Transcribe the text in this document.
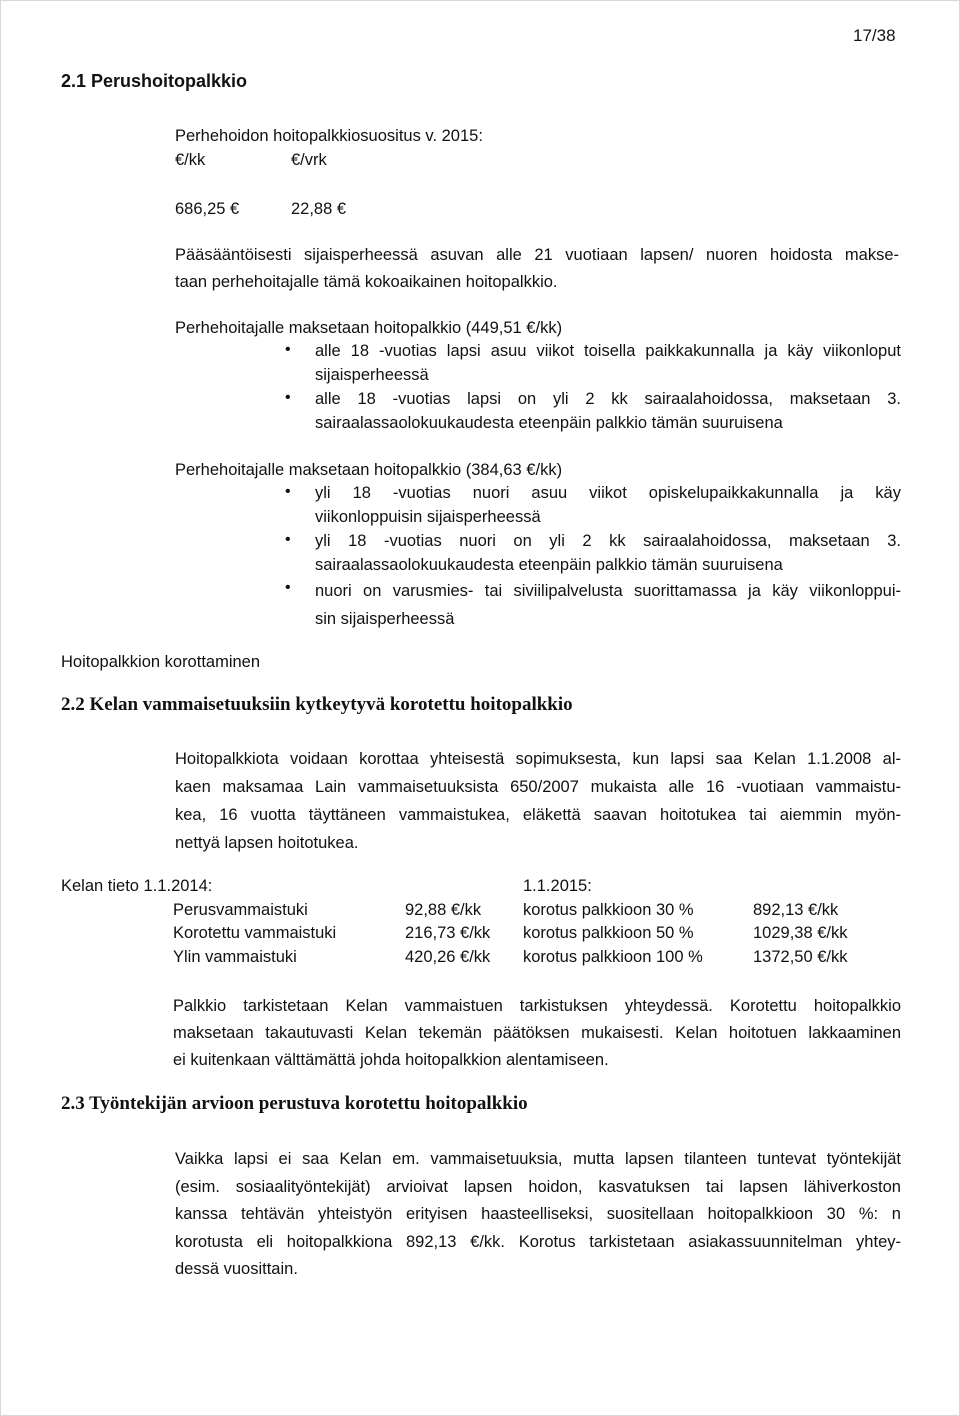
17/38
2.1 Perushoitopalkkio
Perhehoidon hoitopalkkiosuositus v. 2015:
€/kk	€/vrk
686,25 €	22,88 €
Pääsääntöisesti sijaisperheessä asuvan alle 21 vuotiaan lapsen/ nuoren hoidosta makse-
taan perhehoitajalle tämä kokoaikainen hoitopalkkio.
Perhehoitajalle maksetaan hoitopalkkio (449,51 €/kk)
• alle 18 -vuotias lapsi asuu viikot toisella paikkakunnalla ja käy viikonloput
sijaisperheessä
• alle 18 -vuotias lapsi on yli 2 kk sairaalahoidossa, maksetaan 3.
sairaalassaolokuukaudesta eteenpäin palkkio tämän suuruisena
Perhehoitajalle maksetaan hoitopalkkio (384,63 €/kk)
• yli 18 -vuotias nuori asuu viikot opiskelupaikkakunnalla ja käy
viikonloppuisin sijaisperheessä
• yli 18 -vuotias nuori on yli 2 kk sairaalahoidossa, maksetaan 3.
sairaalassaolokuukaudesta eteenpäin palkkio tämän suuruisena
• nuori on varusmies- tai siviilipalvelusta suorittamassa ja käy viikonloppui-
sin sijaisperheessä
Hoitopalkkion korottaminen
2.2 Kelan vammaisetuuksiin kytkeytyvä korotettu hoitopalkkio
Hoitopalkkiota voidaan korottaa yhteisestä sopimuksesta, kun lapsi saa Kelan 1.1.2008 al-
kaen maksamaa Lain vammaisetuuksista 650/2007 mukaista alle 16 -vuotiaan vammaistu-
kea, 16 vuotta täyttäneen vammaistukea, eläkettä saavan hoitotukea tai aiemmin myön-
nettyä lapsen hoitotukea.
Kelan tieto 1.1.2014:	1.1.2015:
Perusvammaistuki	92,88 €/kk	korotus palkkioon 30 %	892,13 €/kk
Korotettu vammaistuki	216,73 €/kk korotus palkkioon 50 %	1029,38 €/kk
Ylin vammaistuki	420,26 €/kk korotus palkkioon 100 %	1372,50 €/kk
Palkkio tarkistetaan Kelan vammaistuen tarkistuksen yhteydessä. Korotettu hoitopalkkio
maksetaan takautuvasti Kelan tekemän päätöksen mukaisesti. Kelan hoitotuen lakkaaminen
ei kuitenkaan välttämättä johda hoitopalkkion alentamiseen.
2.3 Työntekijän arvioon perustuva korotettu hoitopalkkio
Vaikka lapsi ei saa Kelan em. vammaisetuuksia, mutta lapsen tilanteen tuntevat työntekijät
(esim. sosiaalityöntekijät) arvioivat lapsen hoidon, kasvatuksen tai lapsen lähiverkoston
kanssa tehtävän yhteistyön erityisen haasteelliseksi, suositellaan hoitopalkkioon 30 %: n
korotusta eli hoitopalkkiona 892,13 €/kk. Korotus tarkistetaan asiakassuunnitelman yhtey-
dessä vuosittain.
